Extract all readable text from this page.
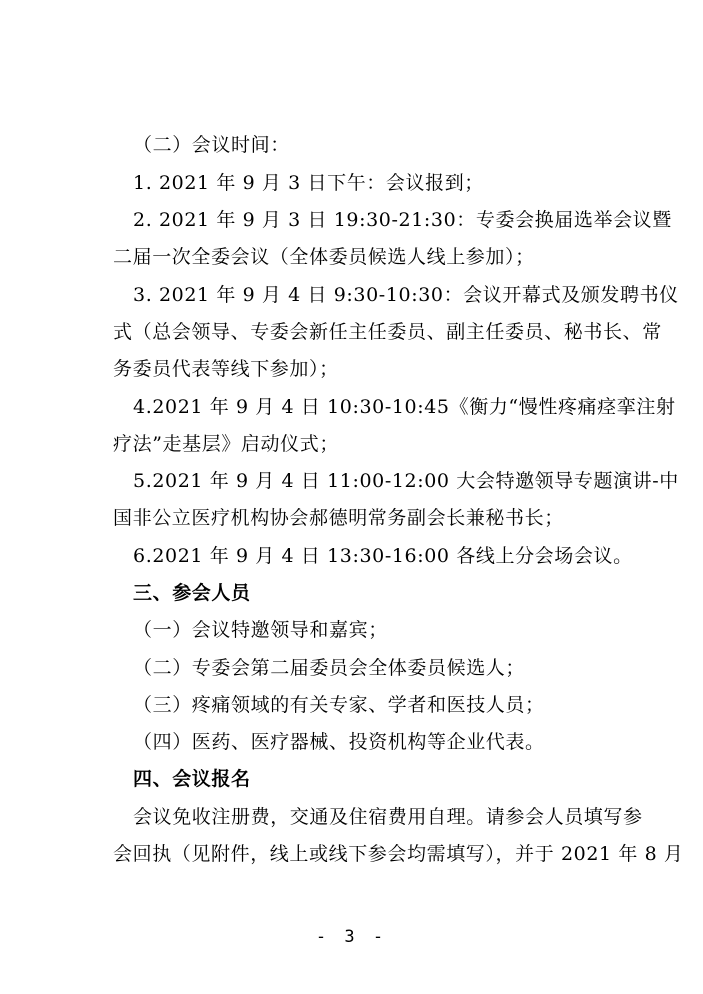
（二）会议时间：
1. 2021 年 9 月 3 日下午：会议报到；
2. 2021 年 9 月 3 日 19:30-21:30：专委会换届选举会议暨
二届一次全委会议（全体委员候选人线上参加）；
3. 2021 年 9 月 4 日 9:30-10:30：会议开幕式及颁发聘书仪
式（总会领导、专委会新任主任委员、副主任委员、秘书长、常
务委员代表等线下参加）；
4.2021 年 9 月 4 日 10:30-10:45《衡力“慢性疼痛痉挛注射
疗法”走基层》启动仪式；
5.2021 年 9 月 4 日 11:00-12:00 大会特邀领导专题演讲-中
国非公立医疗机构协会郝德明常务副会长兼秘书长；
6.2021 年 9 月 4 日 13:30-16:00 各线上分会场会议。
三、参会人员
（一）会议特邀领导和嘉宾；
（二）专委会第二届委员会全体委员候选人；
（三）疼痛领域的有关专家、学者和医技人员；
（四）医药、医疗器械、投资机构等企业代表。
四、会议报名
会议免收注册费，交通及住宿费用自理。请参会人员填写参
会回执（见附件，线上或线下参会均需填写），并于 2021 年 8 月
- 3 -
